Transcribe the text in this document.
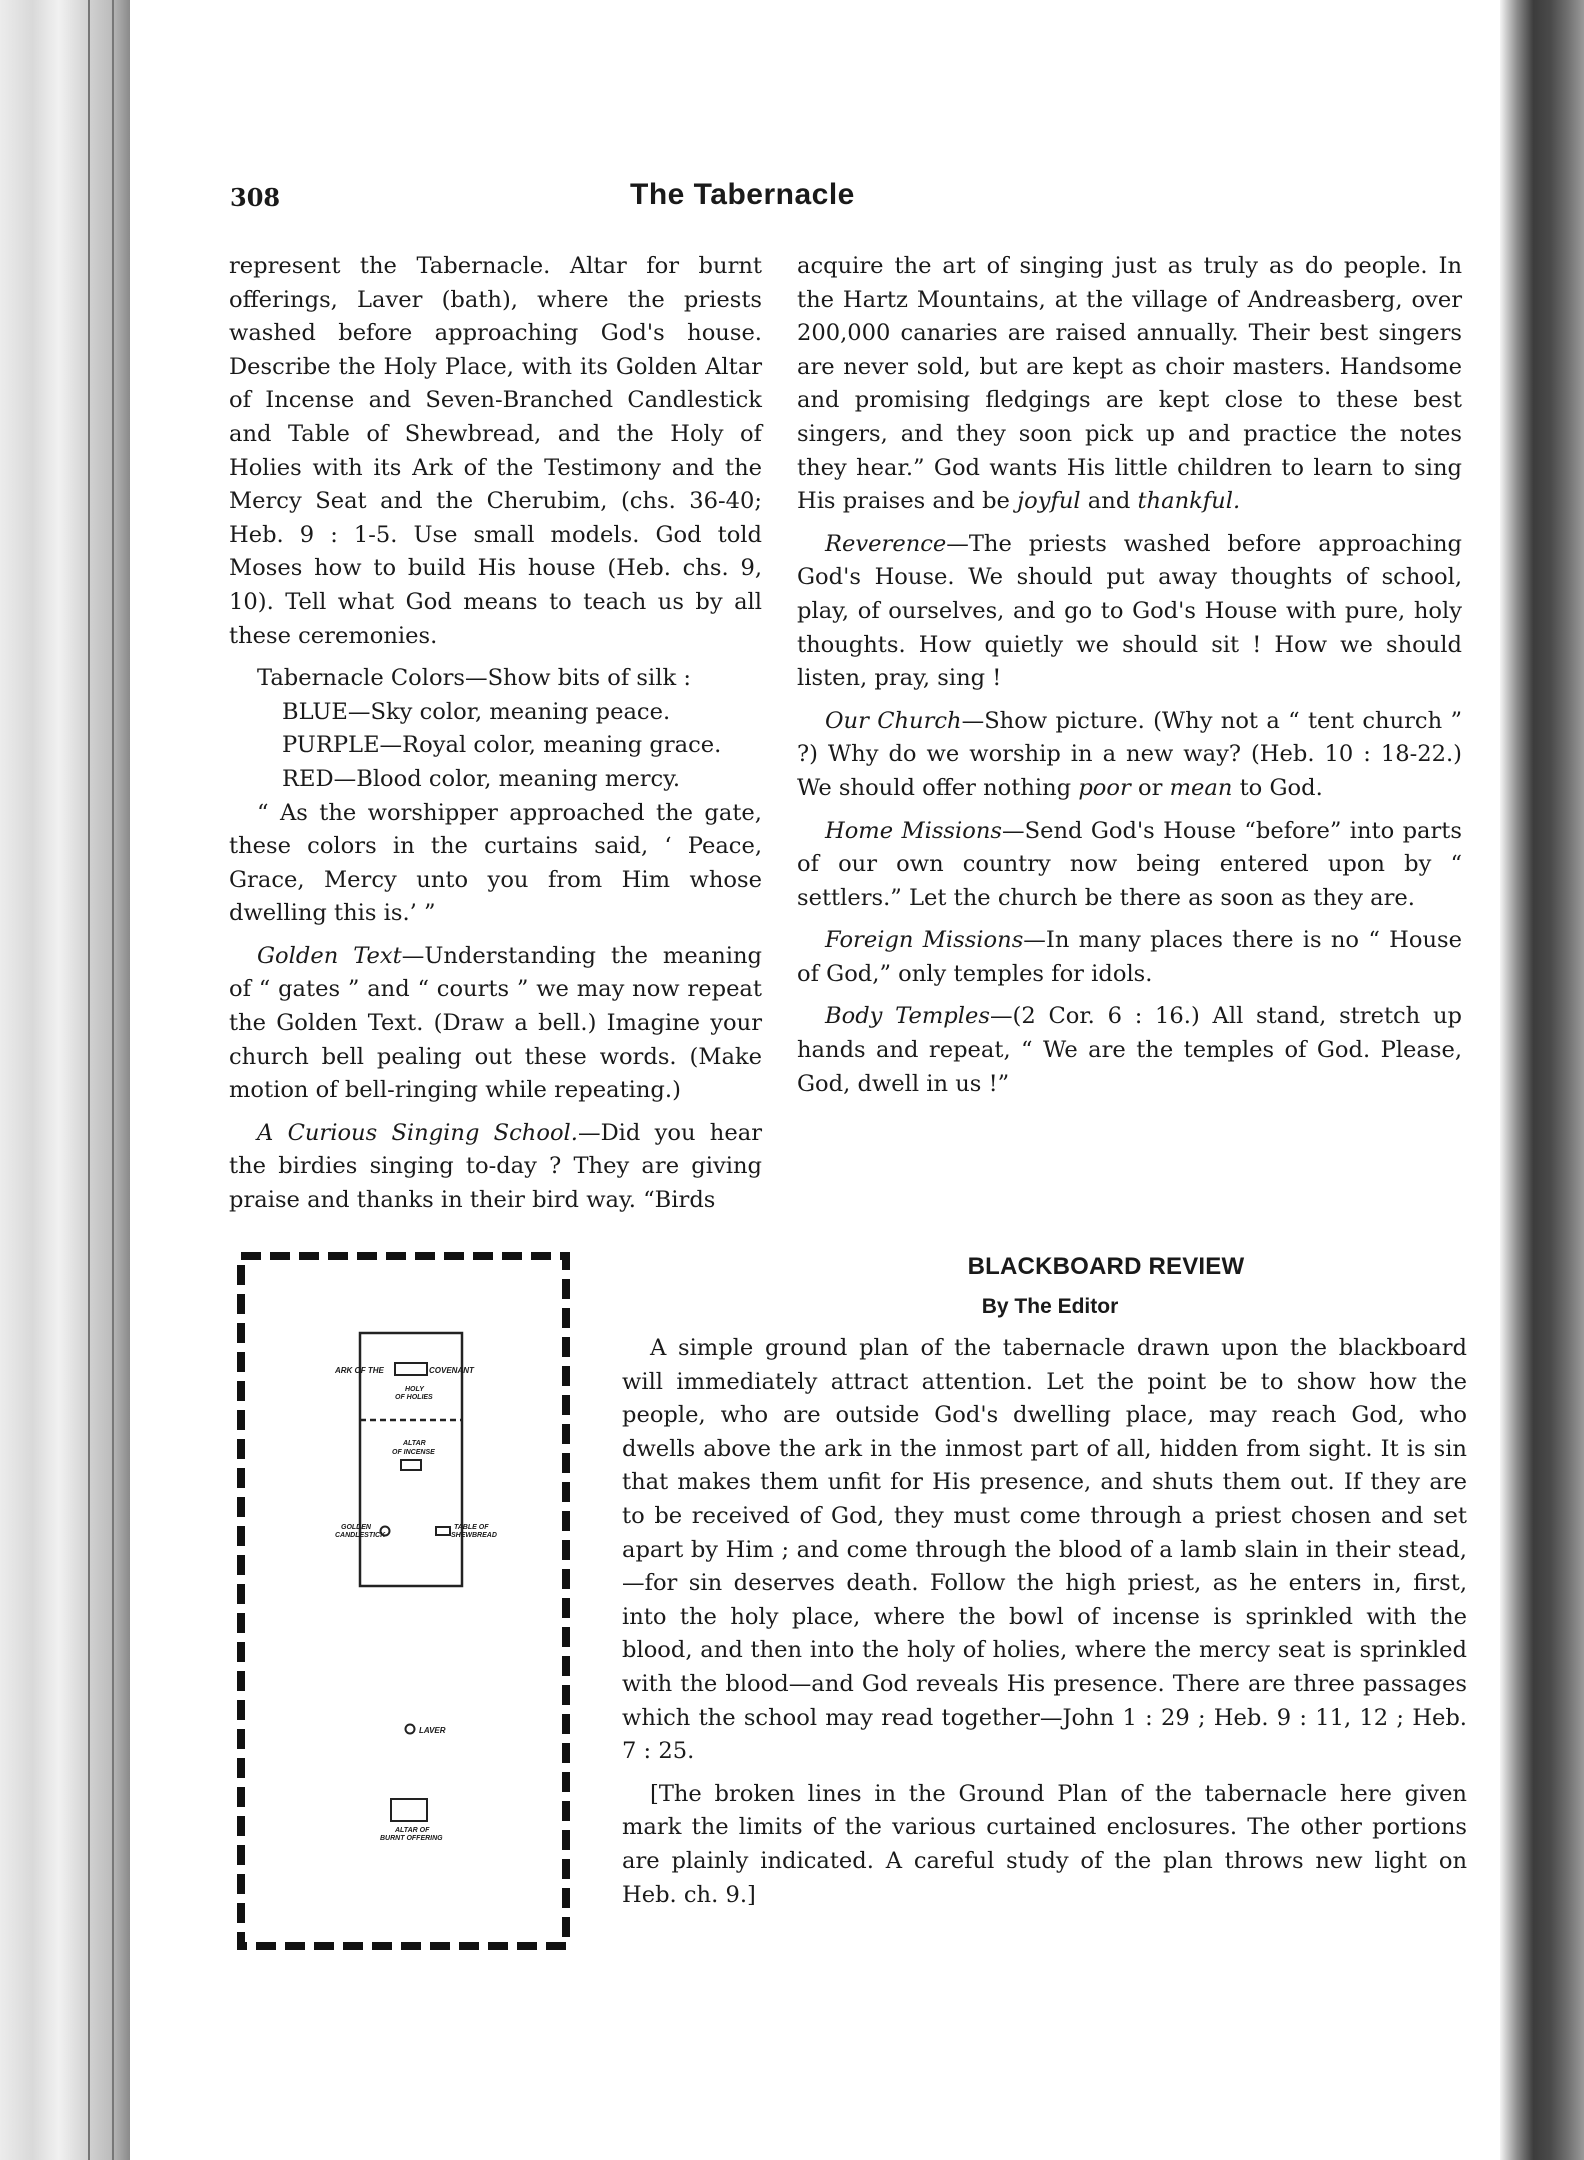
308	The Tabernacle

represent the Tabernacle. Altar for burnt offerings, Laver (bath), where the priests washed before approaching God's house. Describe the Holy Place, with its Golden Altar of Incense and Seven-Branched Candlestick and Table of Shewbread, and the Holy of Holies with its Ark of the Testimony and the Mercy Seat and the Cherubim, (chs. 36-40; Heb. 9 : 1-5. Use small models. God told Moses how to build His house (Heb. chs. 9, 10). Tell what God means to teach us by all these ceremonies.

Tabernacle Colors—Show bits of silk :

BLUE—Sky color, meaning peace.
PURPLE—Royal color, meaning grace.
RED—Blood color, meaning mercy.

“ As the worshipper approached the gate, these colors in the curtains said, ‘ Peace, Grace, Mercy unto you from Him whose dwelling this is.’ ”

Golden Text—Understanding the meaning of “ gates ” and “ courts ” we may now repeat the Golden Text. (Draw a bell.) Imagine your church bell pealing out these words. (Make motion of bell-ringing while repeating.)

A Curious Singing School.—Did you hear the birdies singing to-day ? They are giving praise and thanks in their bird way. “Birds

acquire the art of singing just as truly as do people. In the Hartz Mountains, at the village of Andreasberg, over 200,000 canaries are raised annually. Their best singers are never sold, but are kept as choir masters. Handsome and promising fledgings are kept close to these best singers, and they soon pick up and practice the notes they hear.” God wants His little children to learn to sing His praises and be joyful and thankful.

Reverence—The priests washed before approaching God's House. We should put away thoughts of school, play, of ourselves, and go to God's House with pure, holy thoughts. How quietly we should sit ! How we should listen, pray, sing !

Our Church—Show picture. (Why not a “ tent church ” ?) Why do we worship in a new way? (Heb. 10 : 18-22.) We should offer nothing poor or mean to God.

Home Missions—Send God's House “before” into parts of our own country now being entered upon by “ settlers.” Let the church be there as soon as they are.

Foreign Missions—In many places there is no “ House of God,” only temples for idols.

Body Temples—(2 Cor. 6 : 16.) All stand, stretch up hands and repeat, “ We are the temples of God. Please, God, dwell in us !”

BLACKBOARD REVIEW
By The Editor

A simple ground plan of the tabernacle drawn upon the blackboard will immediately attract attention. Let the point be to show how the people, who are outside God's dwelling place, may reach God, who dwells above the ark in the inmost part of all, hidden from sight. It is sin that makes them unfit for His presence, and shuts them out. If they are to be received of God, they must come through a priest chosen and set apart by Him ; and come through the blood of a lamb slain in their stead,—for sin deserves death. Follow the high priest, as he enters in, first, into the holy place, where the bowl of incense is sprinkled with the blood, and then into the holy of holies, where the mercy seat is sprinkled with the blood—and God reveals His presence. There are three passages which the school may read together—John 1 : 29 ; Heb. 9 : 11, 12 ; Heb. 7 : 25.

[The broken lines in the Ground Plan of the tabernacle here given mark the limits of the various curtained enclosures. The other portions are plainly indicated. A careful study of the plan throws new light on Heb. ch. 9.]

ARK OF THE	COVENANT
HOLY
OF HOLIES
ALTAR
OF INCENSE
GOLDEN
CANDLESTICK
TABLE OF
SHEWBREAD
LAVER
ALTAR OF
BURNT OFFERING
